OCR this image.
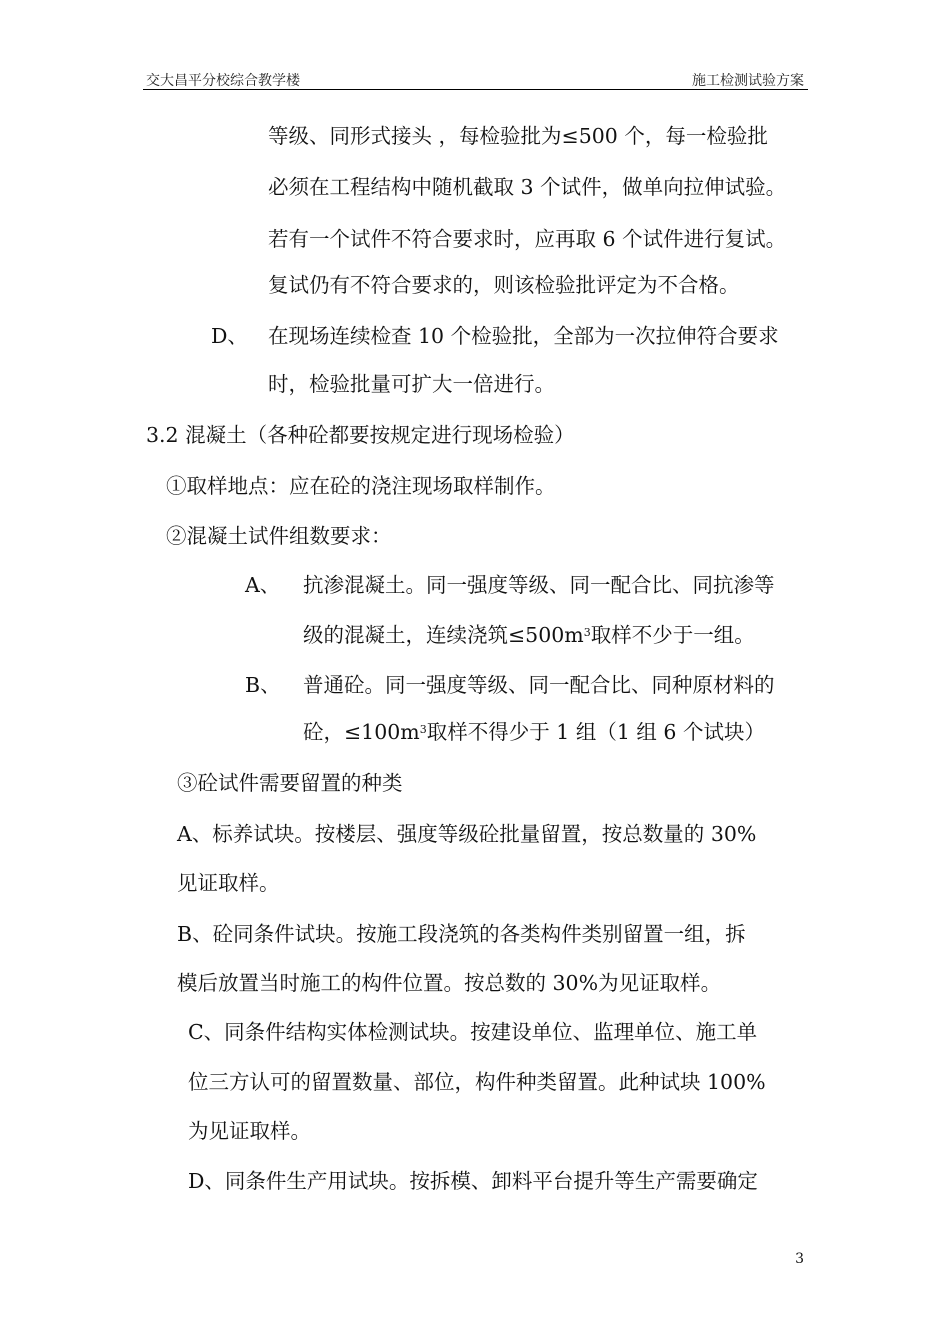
交大昌平分校综合教学楼	施工检测试验方案
等级、同形式接头 ，每检验批为≤500 个，每一检验批
必须在工程结构中随机截取 3 个试件，做单向拉伸试验。
若有一个试件不符合要求时，应再取 6 个试件进行复试。
复试仍有不符合要求的，则该检验批评定为不合格。
D、 在现场连续检查 10 个检验批，全部为一次拉伸符合要求
时，检验批量可扩大一倍进行。
3.2 混凝土（各种砼都要按规定进行现场检验）
①取样地点：应在砼的浇注现场取样制作。
②混凝土试件组数要求：
A、 抗渗混凝土。同一强度等级、同一配合比、同抗渗等
级的混凝土，连续浇筑$\le 500m^3$取样不少于一组。
B、 普通砼。同一强度等级、同一配合比、同种原材料的
砼，$\le 100m^3$取样不得少于 1 组（1 组 6 个试块）
③砼试件需要留置的种类
A、标养试块。按楼层、强度等级砼批量留置，按总数量的 30%
见证取样。
B、砼同条件试块。按施工段浇筑的各类构件类别留置一组，拆
模后放置当时施工的构件位置。按总数的 30%为见证取样。
C、同条件结构实体检测试块。按建设单位、监理单位、施工单
位三方认可的留置数量、部位，构件种类留置。此种试块 100%
为见证取样。
D、同条件生产用试块。按拆模、卸料平台提升等生产需要确定
3
